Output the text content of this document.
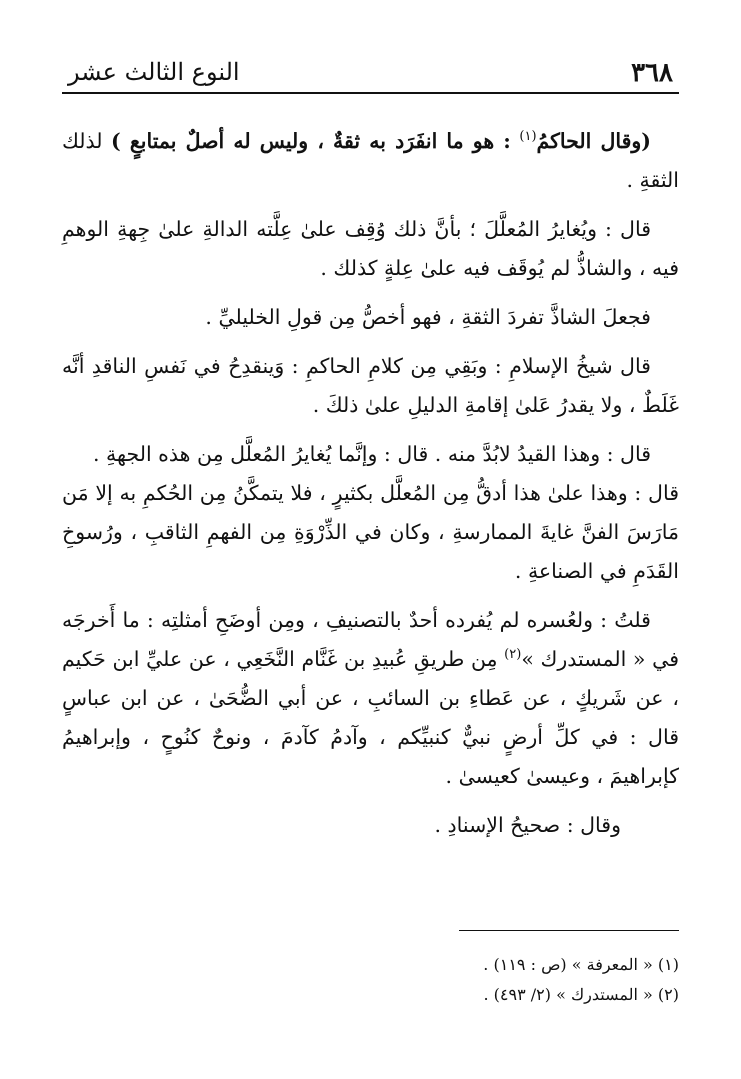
٣٦٨
النوع الثالث عشر

(وقال الحاكمُ$^{(١)}$ : هو ما انفَرَد به ثقةٌ ، وليس له أصلٌ بمتابعٍ ) لذلك الثقةِ .

قال : ويُغايرُ المُعلَّلَ ؛ بأنَّ ذلك وُقِف علىٰ عِلَّته الدالةِ علىٰ جِهةِ الوهمِ فيه ، والشاذُّ لم يُوقَف فيه علىٰ عِلةٍ كذلك .

فجعلَ الشاذَّ تفردَ الثقةِ ، فهو أخصُّ مِن قولِ الخليليِّ .

قال شيخُ الإسلامِ : وبَقِي مِن كلامِ الحاكمِ : وَينقدِحُ في نَفسِ الناقدِ أنَّه غَلَطٌ ، ولا يقدرُ عَلىٰ إقامةِ الدليلِ علىٰ ذلكَ .

قال : وهذا القيدُ لابُدَّ منه . قال : وإنَّما يُغايرُ المُعلَّل مِن هذه الجهةِ .

قال : وهذا علىٰ هذا أدقُّ مِن المُعلَّل بكثيرٍ ، فلا يتمكَّنُ مِن الحُكمِ به إلا مَن مَارَسَ الفنَّ غايةَ الممارسةِ ، وكان في الذِّرْوَةِ مِن الفهمِ الثاقبِ ، ورُسوخِ القَدَمِ في الصناعةِ .

قلتُ : ولعُسره لم يُفرده أحدٌ بالتصنيفِ ، ومِن أوضَحِ أمثلتِه : ما أَخرجَه في « المستدرك »$^{(٢)}$ مِن طريقِ عُبيدِ بن غَنَّام النَّخَعِي ، عن عليِّ ابن حَكيم ، عن شَريكٍ ، عن عَطاءِ بن السائبِ ، عن أبي الضُّحَىٰ ، عن ابن عباسٍ قال : في كلِّ أرضٍ نبيٌّ كنبيِّكم ، وآدمُ كآدمَ ، ونوحٌ كنُوحٍ ، وإبراهيمُ كإبراهيمَ ، وعيسىٰ كعيسىٰ .

وقال : صحيحُ الإسنادِ .

(١) « المعرفة » (ص : ١١٩) .

(٢) « المستدرك » (٢/ ٤٩٣) .
